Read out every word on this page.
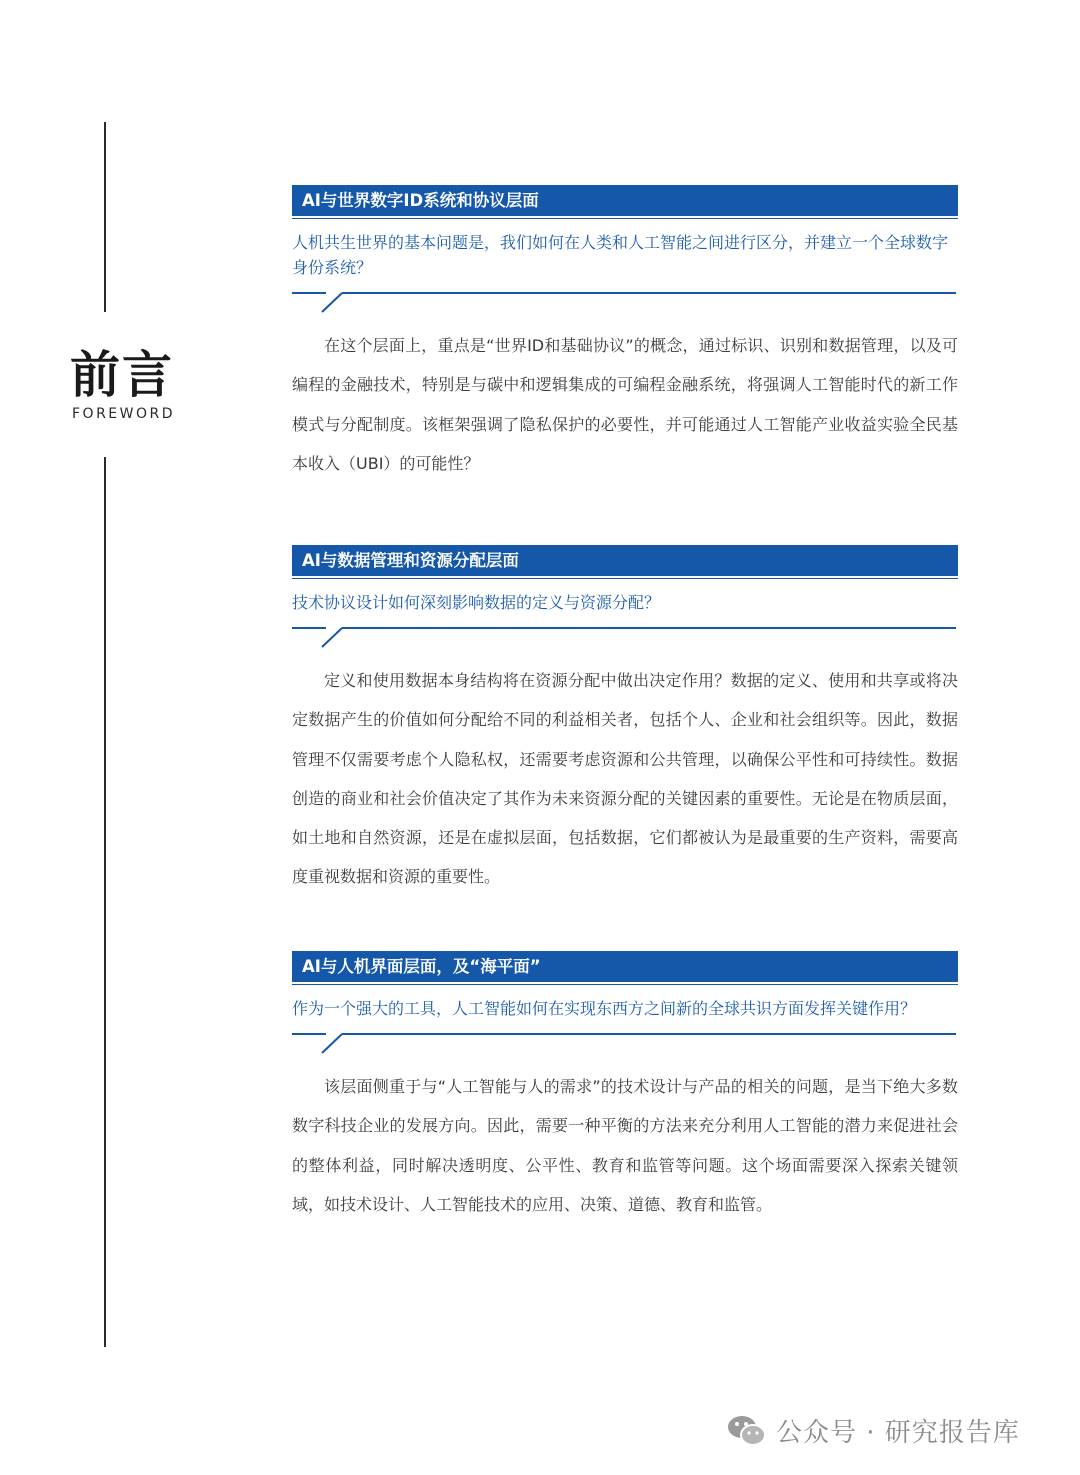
前言
FOREWORD
AI与世界数字ID系统和协议层面
人机共生世界的基本问题是，我们如何在人类和人工智能之间进行区分，并建立一个全球数字身份系统？
在这个层面上，重点是“世界ID和基础协议”的概念，通过标识、识别和数据管理，以及可编程的金融技术，特别是与碳中和逻辑集成的可编程金融系统，将强调人工智能时代的新工作模式与分配制度。该框架强调了隐私保护的必要性，并可能通过人工智能产业收益实验全民基本收入（UBI）的可能性？
AI与数据管理和资源分配层面
技术协议设计如何深刻影响数据的定义与资源分配？
定义和使用数据本身结构将在资源分配中做出决定作用？数据的定义、使用和共享或将决定数据产生的价值如何分配给不同的利益相关者，包括个人、企业和社会组织等。因此，数据管理不仅需要考虑个人隐私权，还需要考虑资源和公共管理，以确保公平性和可持续性。数据创造的商业和社会价值决定了其作为未来资源分配的关键因素的重要性。无论是在物质层面，如土地和自然资源，还是在虚拟层面，包括数据，它们都被认为是最重要的生产资料，需要高度重视数据和资源的重要性。
AI与人机界面层面，及“海平面”
作为一个强大的工具，人工智能如何在实现东西方之间新的全球共识方面发挥关键作用？
该层面侧重于与“人工智能与人的需求”的技术设计与产品的相关的问题，是当下绝大多数数字科技企业的发展方向。因此，需要一种平衡的方法来充分利用人工智能的潜力来促进社会的整体利益，同时解决透明度、公平性、教育和监管等问题。这个场面需要深入探索关键领域，如技术设计、人工智能技术的应用、决策、道德、教育和监管。
公众号 · 研究报告库
